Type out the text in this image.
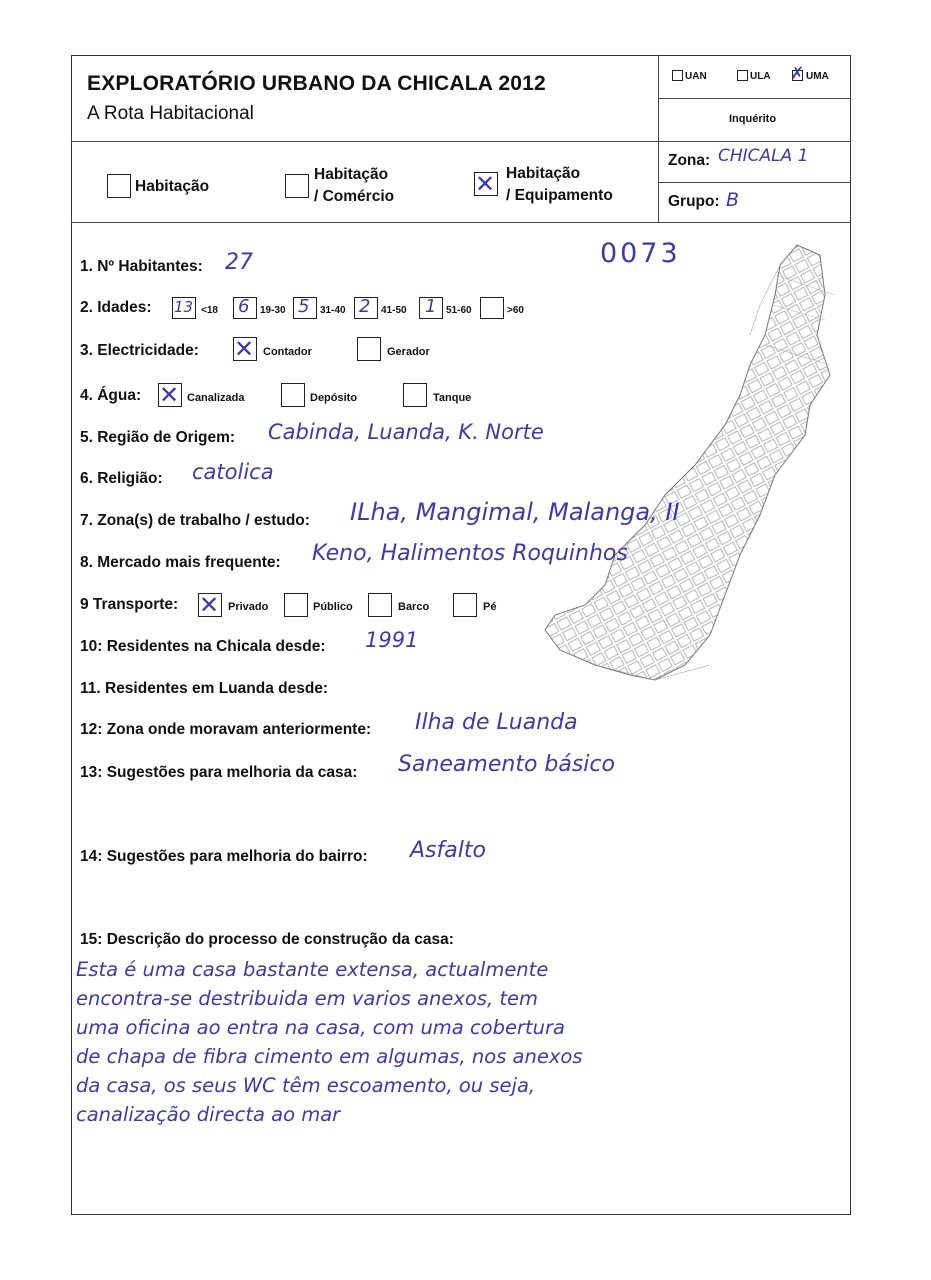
EXPLORATÓRIO URBANO DA CHICALA 2012
A Rota Habitacional
UAN	ULA ✗ UMA
Inquérito
Zona: CHICALA 1
Grupo: B
Habitação
Habitação
/ Comércio	✕ Habitação
/ Equipamento
0073
1. Nº Habitantes: 27
2. Idades: 13 <18 6 19-30 5 31-40 2 41-50 1 51-60	>60
3. Electricidade: ✕ Contador	Gerador
4. Água: ✕ Canalizada	Depósito	Tanque
5. Região de Origem: Cabinda, Luanda, K. Norte
6. Religião: catolica
7. Zona(s) de trabalho / estudo: ILha, Mangimal, Malanga, II
8. Mercado mais frequente: Keno, Halimentos Roquinhos
9 Transporte: ✕ Privado	Público	Barco	Pé
10: Residentes na Chicala desde: 1991
11. Residentes em Luanda desde:
12: Zona onde moravam anteriormente: Ilha de Luanda
13: Sugestões para melhoria da casa: Saneamento básico
14: Sugestões para melhoria do bairro: Asfalto
15: Descrição do processo de construção da casa:
Esta é uma casa bastante extensa, actualmente
encontra-se destribuida em varios anexos, tem
uma oficina ao entra na casa, com uma cobertura
de chapa de fibra cimento em algumas, nos anexos
da casa, os seus WC têm escoamento, ou seja,
canalização directa ao mar
